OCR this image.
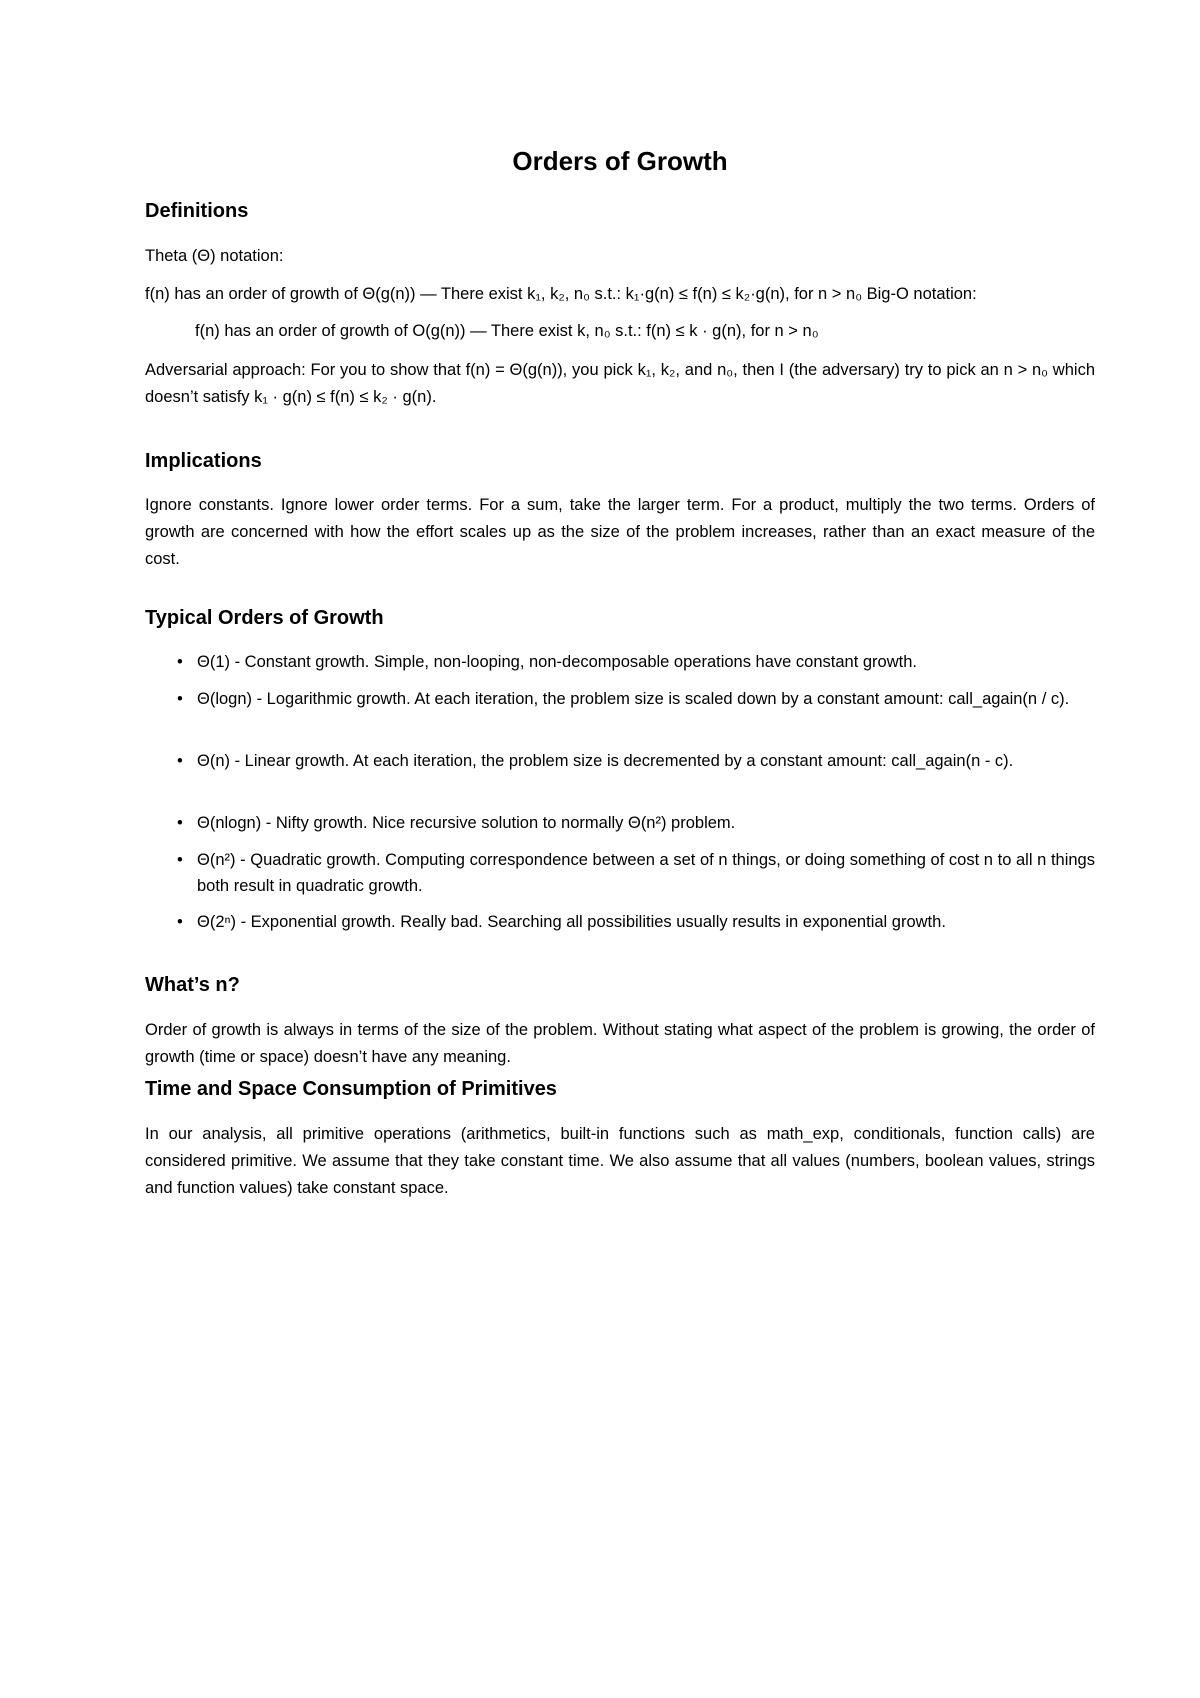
Orders of Growth
Definitions

Theta (Θ) notation:

f(n) has an order of growth of Θ(g(n)) — There exist k₁, k₂, n₀ s.t.: k₁·g(n) ≤ f(n) ≤ k₂·g(n), for n > n₀ Big-O notation:

f(n) has an order of growth of O(g(n)) — There exist k, n₀ s.t.: f(n) ≤ k · g(n), for n > n₀

Adversarial approach: For you to show that f(n) = Θ(g(n)), you pick k₁, k₂, and n₀, then I (the adversary) try to pick an n > n₀ which doesn’t satisfy k₁ · g(n) ≤ f(n) ≤ k₂ · g(n).

Implications

Ignore constants. Ignore lower order terms. For a sum, take the larger term. For a product, multiply the two terms. Orders of growth are concerned with how the effort scales up as the size of the problem increases, rather than an exact measure of the cost.

Typical Orders of Growth
• Θ(1) - Constant growth. Simple, non-looping, non-decomposable operations have constant growth.
• Θ(logn) - Logarithmic growth. At each iteration, the problem size is scaled down by a constant amount: call_again(n / c).
• Θ(n) - Linear growth. At each iteration, the problem size is decremented by a constant amount: call_again(n - c).
• Θ(nlogn) - Nifty growth. Nice recursive solution to normally Θ(n²) problem.
• Θ(n²) - Quadratic growth. Computing correspondence between a set of n things, or doing something of cost n to all n things both result in quadratic growth.
• Θ(2ⁿ) - Exponential growth. Really bad. Searching all possibilities usually results in exponential growth.
What’s n?

Order of growth is always in terms of the size of the problem. Without stating what aspect of the problem is growing, the order of growth (time or space) doesn’t have any meaning.

Time and Space Consumption of Primitives

In our analysis, all primitive operations (arithmetics, built-in functions such as math_exp, conditionals, function calls) are considered primitive. We assume that they take constant time. We also assume that all values (numbers, boolean values, strings and function values) take constant space.
